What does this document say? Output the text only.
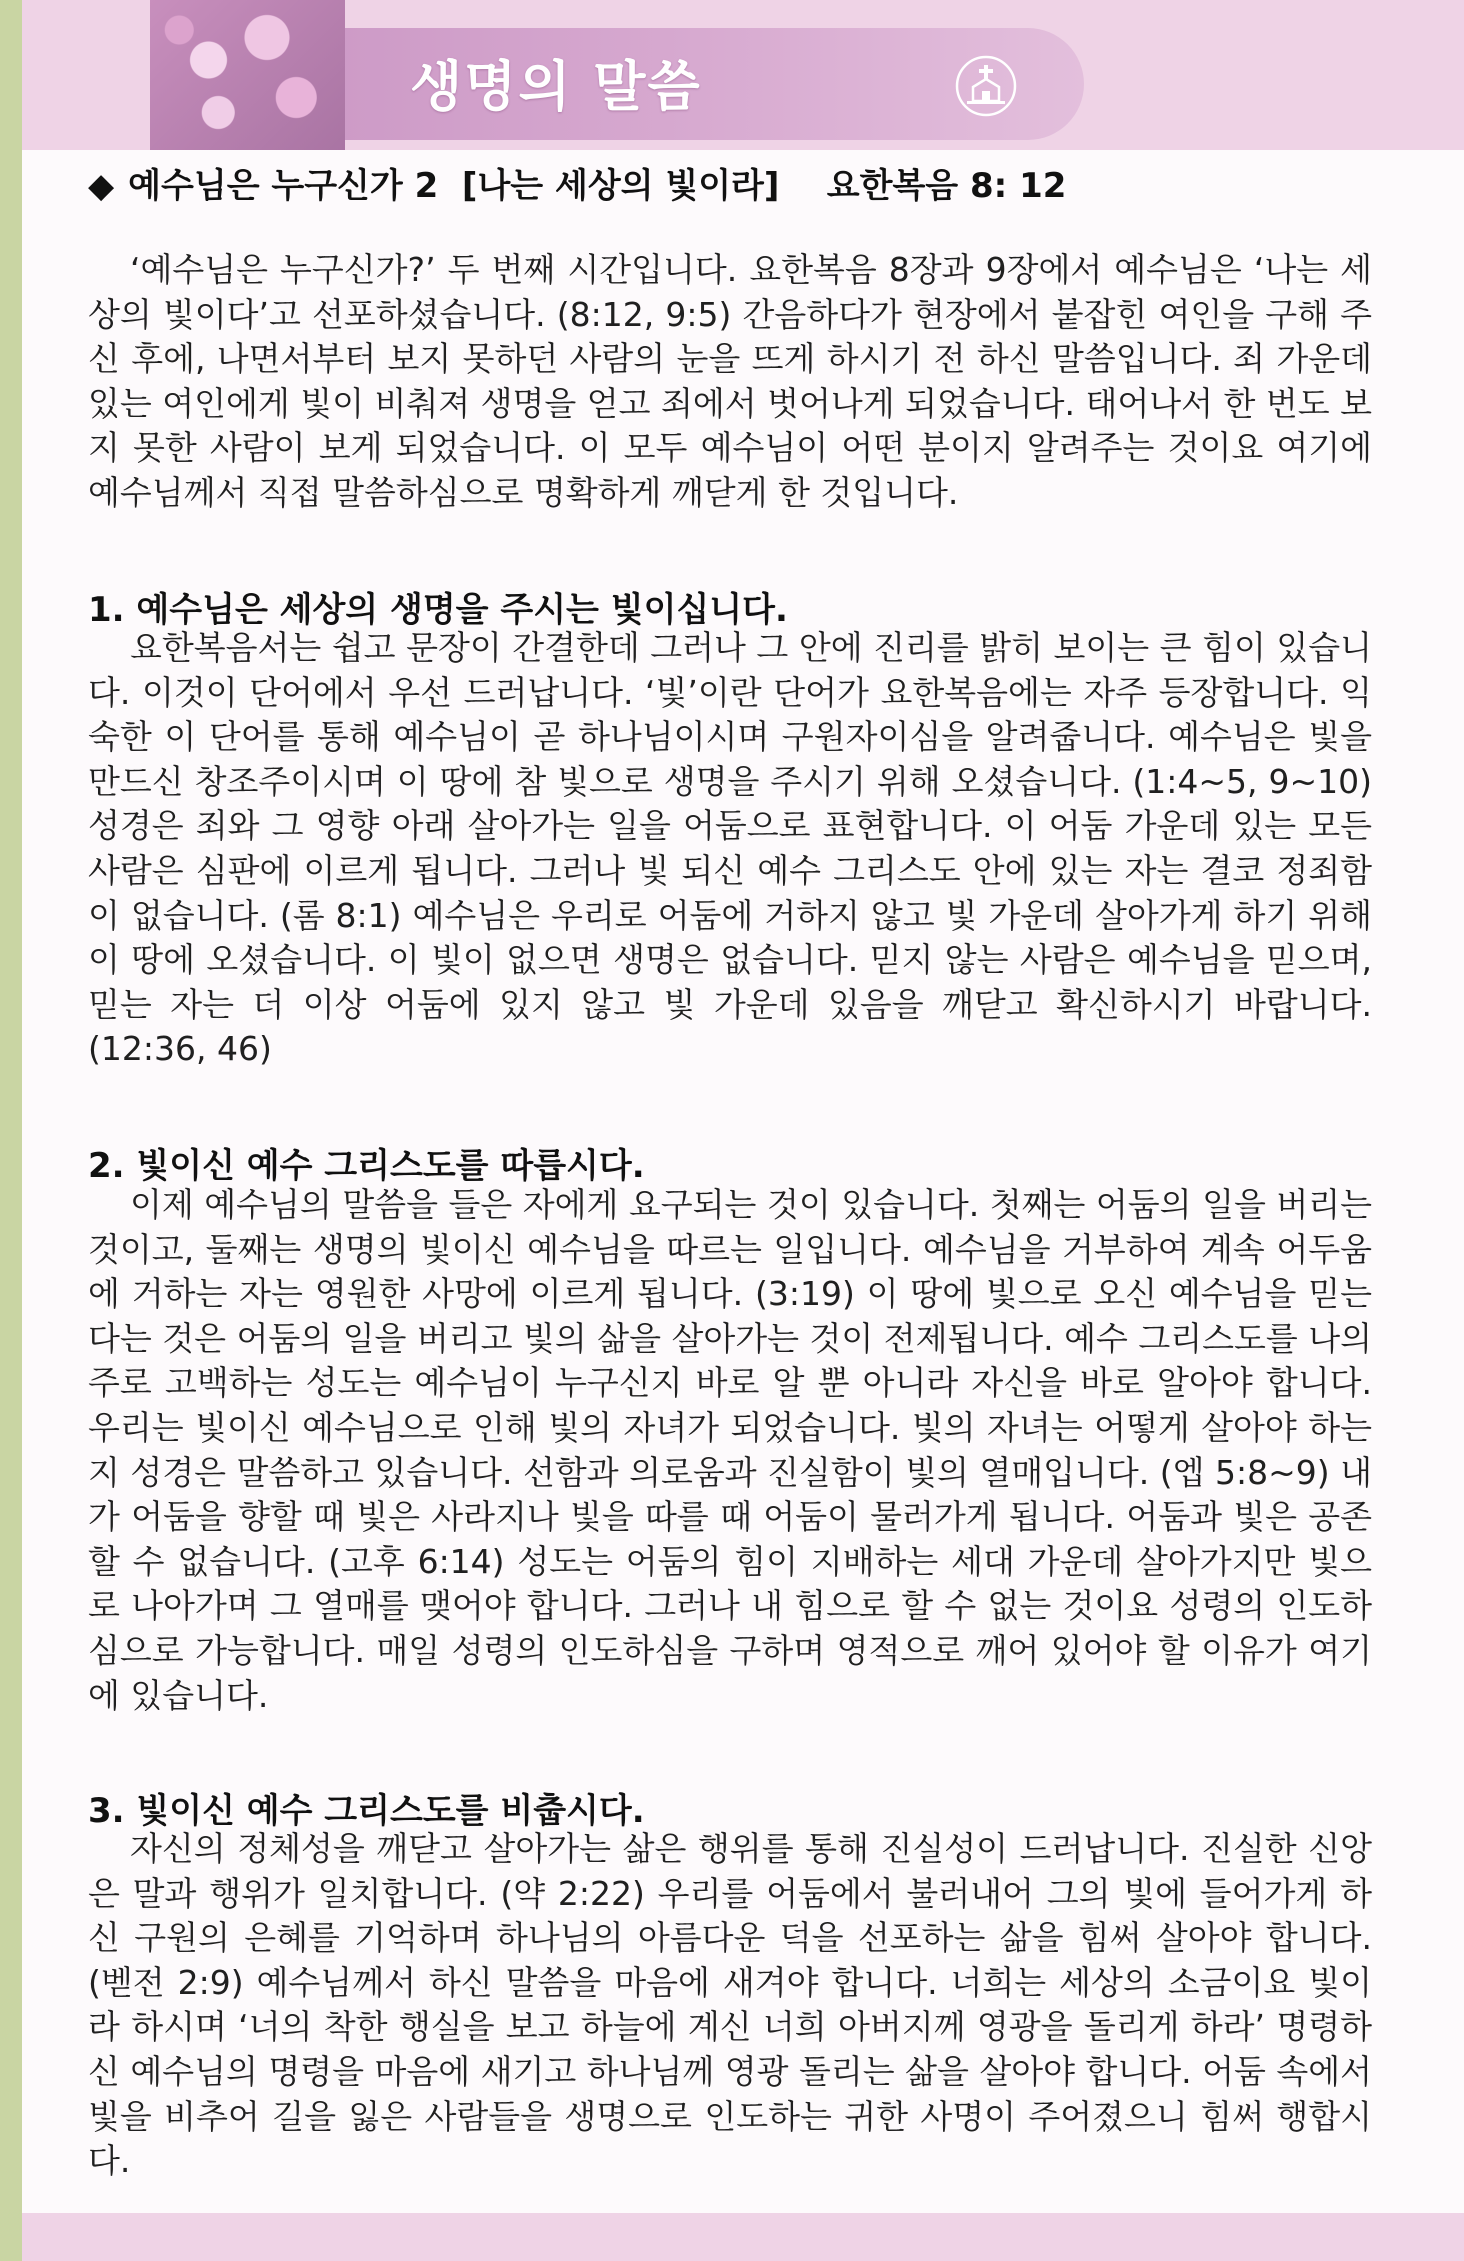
생명의 말씀
◆ 예수님은 누구신가 2  [나는 세상의 빛이라]    요한복음 8: 12
‘예수님은 누구신가?’ 두 번째 시간입니다. 요한복음 8장과 9장에서 예수님은 ‘나는 세상의 빛이다’고 선포하셨습니다. (8:12, 9:5) 간음하다가 현장에서 붙잡힌 여인을 구해 주신 후에, 나면서부터 보지 못하던 사람의 눈을 뜨게 하시기 전 하신 말씀입니다. 죄 가운데 있는 여인에게 빛이 비춰져 생명을 얻고 죄에서 벗어나게 되었습니다. 태어나서 한 번도 보지 못한 사람이 보게 되었습니다. 이 모두 예수님이 어떤 분이지 알려주는 것이요 여기에 예수님께서 직접 말씀하심으로 명확하게 깨닫게 한 것입니다.
1. 예수님은 세상의 생명을 주시는 빛이십니다.
요한복음서는 쉽고 문장이 간결한데 그러나 그 안에 진리를 밝히 보이는 큰 힘이 있습니다. 이것이 단어에서 우선 드러납니다. ‘빛’이란 단어가 요한복음에는 자주 등장합니다. 익숙한 이 단어를 통해 예수님이 곧 하나님이시며 구원자이심을 알려줍니다. 예수님은 빛을 만드신 창조주이시며 이 땅에 참 빛으로 생명을 주시기 위해 오셨습니다. (1:4~5, 9~10) 성경은 죄와 그 영향 아래 살아가는 일을 어둠으로 표현합니다. 이 어둠 가운데 있는 모든 사람은 심판에 이르게 됩니다. 그러나 빛 되신 예수 그리스도 안에 있는 자는 결코 정죄함이 없습니다. (롬 8:1) 예수님은 우리로 어둠에 거하지 않고 빛 가운데 살아가게 하기 위해 이 땅에 오셨습니다. 이 빛이 없으면 생명은 없습니다. 믿지 않는 사람은 예수님을 믿으며, 믿는 자는 더 이상 어둠에 있지 않고 빛 가운데 있음을 깨닫고 확신하시기 바랍니다. (12:36, 46)
2. 빛이신 예수 그리스도를 따릅시다.
이제 예수님의 말씀을 들은 자에게 요구되는 것이 있습니다. 첫째는 어둠의 일을 버리는 것이고, 둘째는 생명의 빛이신 예수님을 따르는 일입니다. 예수님을 거부하여 계속 어두움에 거하는 자는 영원한 사망에 이르게 됩니다. (3:19) 이 땅에 빛으로 오신 예수님을 믿는다는 것은 어둠의 일을 버리고 빛의 삶을 살아가는 것이 전제됩니다. 예수 그리스도를 나의 주로 고백하는 성도는 예수님이 누구신지 바로 알 뿐 아니라 자신을 바로 알아야 합니다. 우리는 빛이신 예수님으로 인해 빛의 자녀가 되었습니다. 빛의 자녀는 어떻게 살아야 하는지 성경은 말씀하고 있습니다. 선함과 의로움과 진실함이 빛의 열매입니다. (엡 5:8~9) 내가 어둠을 향할 때 빛은 사라지나 빛을 따를 때 어둠이 물러가게 됩니다. 어둠과 빛은 공존할 수 없습니다. (고후 6:14) 성도는 어둠의 힘이 지배하는 세대 가운데 살아가지만 빛으로 나아가며 그 열매를 맺어야 합니다. 그러나 내 힘으로 할 수 없는 것이요 성령의 인도하심으로 가능합니다. 매일 성령의 인도하심을 구하며 영적으로 깨어 있어야 할 이유가 여기에 있습니다.
3. 빛이신 예수 그리스도를 비춥시다.
자신의 정체성을 깨닫고 살아가는 삶은 행위를 통해 진실성이 드러납니다. 진실한 신앙은 말과 행위가 일치합니다. (약 2:22) 우리를 어둠에서 불러내어 그의 빛에 들어가게 하신 구원의 은혜를 기억하며 하나님의 아름다운 덕을 선포하는 삶을 힘써 살아야 합니다. (벧전 2:9) 예수님께서 하신 말씀을 마음에 새겨야 합니다. 너희는 세상의 소금이요 빛이라 하시며 ‘너의 착한 행실을 보고 하늘에 계신 너희 아버지께 영광을 돌리게 하라’ 명령하신 예수님의 명령을 마음에 새기고 하나님께 영광 돌리는 삶을 살아야 합니다. 어둠 속에서 빛을 비추어 길을 잃은 사람들을 생명으로 인도하는 귀한 사명이 주어졌으니 힘써 행합시다.
